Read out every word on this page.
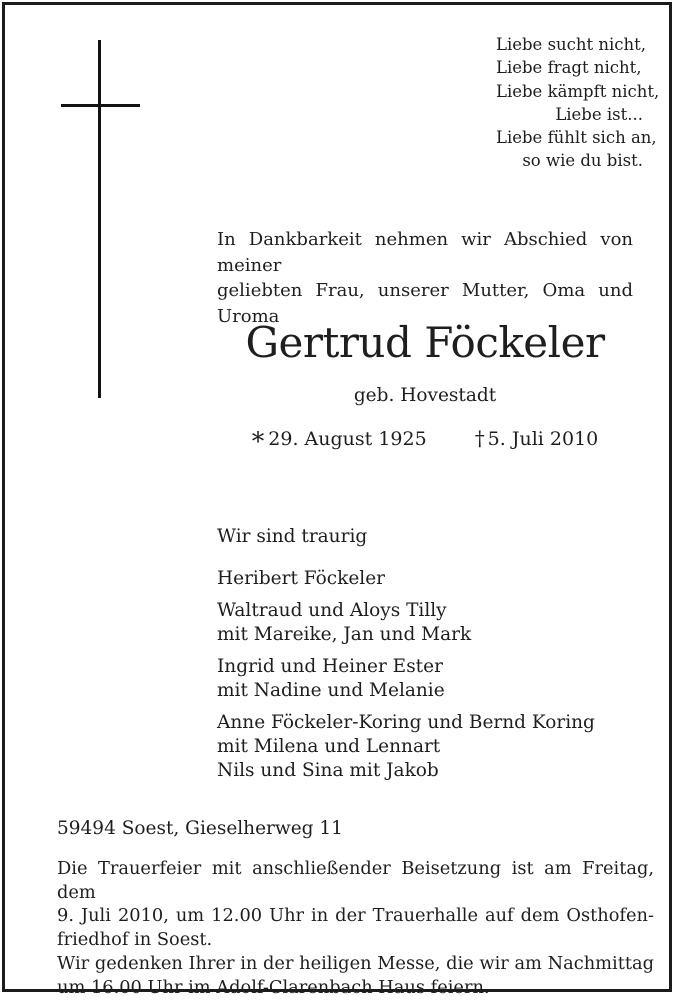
Liebe sucht nicht,
Liebe fragt nicht,
Liebe kämpft nicht,
Liebe ist...
Liebe fühlt sich an,
so wie du bist.
In Dankbarkeit nehmen wir Abschied von meiner
geliebten Frau, unserer Mutter, Oma und Uroma
Gertrud Föckeler
geb. Hovestadt
* 29. August 1925 † 5. Juli 2010
Wir sind traurig
Heribert Föckeler
Waltraud und Aloys Tilly
mit Mareike, Jan und Mark
Ingrid und Heiner Ester
mit Nadine und Melanie
Anne Föckeler-Koring und Bernd Koring
mit Milena und Lennart
Nils und Sina mit Jakob
59494 Soest, Gieselherweg 11
Die Trauerfeier mit anschließender Beisetzung ist am Freitag, dem
9. Juli 2010, um 12.00 Uhr in der Trauerhalle auf dem Osthofen-
friedhof in Soest.
Wir gedenken Ihrer in der heiligen Messe, die wir am Nachmittag
um 16.00 Uhr im Adolf-Clarenbach Haus feiern.
